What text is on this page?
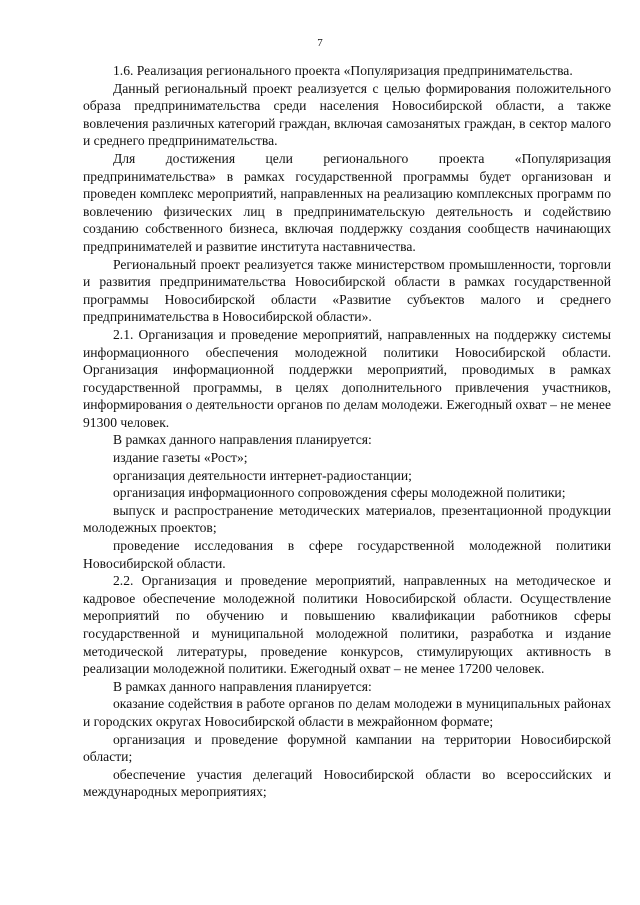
7

1.6. Реализация регионального проекта «Популяризация предпринимательства.

Данный региональный проект реализуется с целью формирования положительного образа предпринимательства среди населения Новосибирской области, а также вовлечения различных категорий граждан, включая самозанятых граждан, в сектор малого и среднего предпринимательства.

Для достижения цели регионального проекта «Популяризация предпринимательства» в рамках государственной программы будет организован и проведен комплекс мероприятий, направленных на реализацию комплексных программ по вовлечению физических лиц в предпринимательскую деятельность и содействию созданию собственного бизнеса, включая поддержку создания сообществ начинающих предпринимателей и развитие института наставничества.

Региональный проект реализуется также министерством промышленности, торговли и развития предпринимательства Новосибирской области в рамках государственной программы Новосибирской области «Развитие субъектов малого и среднего предпринимательства в Новосибирской области».

2.1. Организация и проведение мероприятий, направленных на поддержку системы информационного обеспечения молодежной политики Новосибирской области. Организация информационной поддержки мероприятий, проводимых в рамках государственной программы, в целях дополнительного привлечения участников, информирования о деятельности органов по делам молодежи. Ежегодный охват – не менее 91300 человек.

В рамках данного направления планируется:

издание газеты «Рост»;

организация деятельности интернет-радиостанции;

организация информационного сопровождения сферы молодежной политики;

выпуск и распространение методических материалов, презентационной продукции молодежных проектов;

проведение исследования в сфере государственной молодежной политики Новосибирской области.

2.2. Организация и проведение мероприятий, направленных на методическое и кадровое обеспечение молодежной политики Новосибирской области. Осуществление мероприятий по обучению и повышению квалификации работников сферы государственной и муниципальной молодежной политики, разработка и издание методической литературы, проведение конкурсов, стимулирующих активность в реализации молодежной политики. Ежегодный охват – не менее 17200 человек.

В рамках данного направления планируется:

оказание содействия в работе органов по делам молодежи в муниципальных районах и городских округах Новосибирской области в межрайонном формате;

организация и проведение форумной кампании на территории Новосибирской области;

обеспечение участия делегаций Новосибирской области во всероссийских и международных мероприятиях;
